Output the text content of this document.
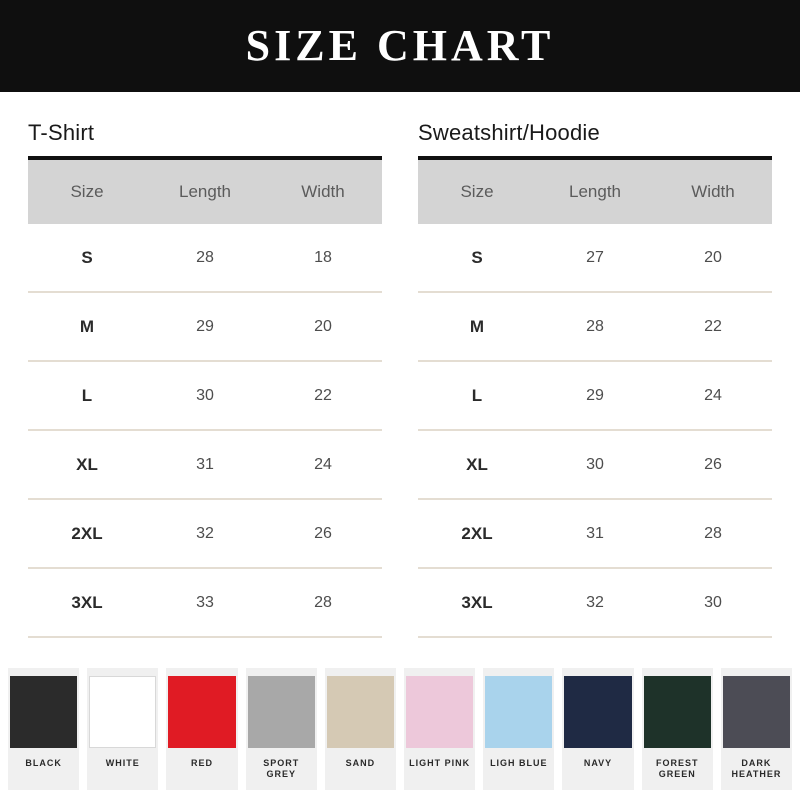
SIZE CHART
T-Shirt
Size	Length	Width
S	28	18
M	29	20
L	30	22
XL	31	24
2XL	32	26
3XL	33	28
Sweatshirt/Hoodie
Size	Length	Width
S	27	20
M	28	22
L	29	24
XL	30	26
2XL	31	28
3XL	32	30
BLACK	WHITE	RED	SPORT GREY
SAND	LIGHT PINK LIGH BLUE	NAVY	FOREST GREEN
DARK HEATHER
